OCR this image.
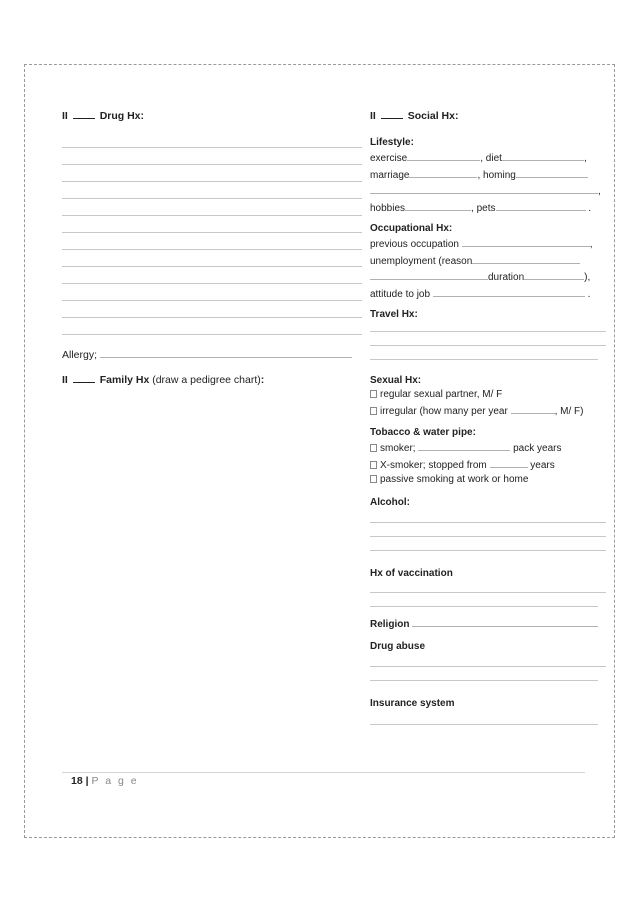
II	Drug Hx:

Allergy;

II	Family Hx (draw a pedigree chart):

II	Social Hx:

Lifestyle:
exercise	, diet	,
marriage	, homing
,
hobbies	, pets	.
Occupational Hx:
previous occupation	,
unemployment (reason
duration	),
attitude to job	.
Travel Hx:
Sexual Hx:
regular sexual partner, M/ F
irregular (how many per year	, M/ F)
Tobacco & water pipe:
smoker;	pack years
X-smoker; stopped from	years
passive smoking at work or home
Alcohol:
Hx of vaccination
Religion
Drug abuse
Insurance system
18 | P a g e
